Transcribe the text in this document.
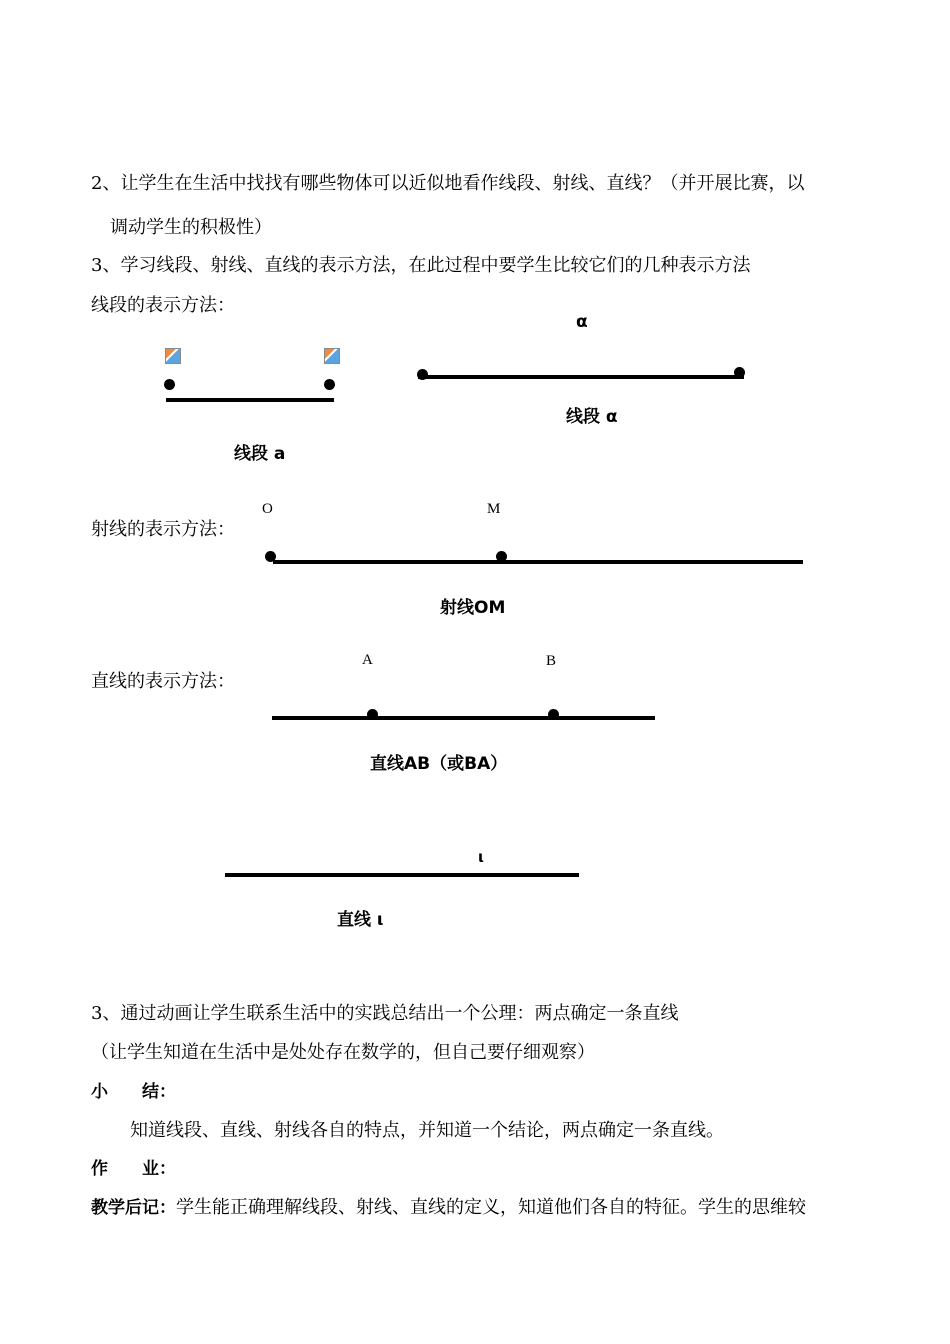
2、让学生在生活中找找有哪些物体可以近似地看作线段、射线、直线？（并开展比赛，以
调动学生的积极性）
3、学习线段、射线、直线的表示方法，在此过程中要学生比较它们的几种表示方法
线段的表示方法：
线段 a
α
线段 α
O	M
射线的表示方法：
射线OM
A	B
直线的表示方法：
直线AB（或BA）
ι
直线 ι
3、通过动画让学生联系生活中的实践总结出一个公理：两点确定一条直线
（让学生知道在生活中是处处存在数学的，但自己要仔细观察）
小　　结：
知道线段、直线、射线各自的特点，并知道一个结论，两点确定一条直线。
作　　业：
教学后记：学生能正确理解线段、射线、直线的定义，知道他们各自的特征。学生的思维较
